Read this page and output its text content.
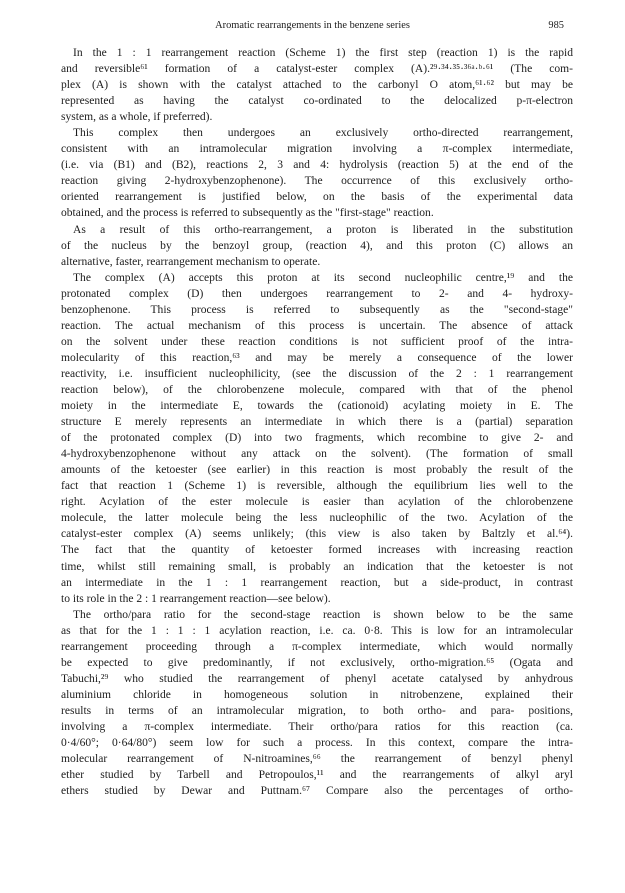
Aromatic rearrangements in the benzene series	985

In the 1 : 1 rearrangement reaction (Scheme 1) the first step (reaction 1) is the rapid
and reversible⁶¹ formation of a catalyst-ester complex (A).²⁹·³⁴·³⁵·³⁶ᵃ·ᵇ·⁶¹ (The com-
plex (A) is shown with the catalyst attached to the carbonyl O atom,⁶¹·⁶² but may be
represented as having the catalyst co-ordinated to the delocalized p-π-electron
system, as a whole, if preferred).

This complex then undergoes an exclusively ortho-directed rearrangement,
consistent with an intramolecular migration involving a π-complex intermediate,
(i.e. via (B1) and (B2), reactions 2, 3 and 4: hydrolysis (reaction 5) at the end of the
reaction giving 2-hydroxybenzophenone). The occurrence of this exclusively ortho-
oriented rearrangement is justified below, on the basis of the experimental data
obtained, and the process is referred to subsequently as the "first-stage" reaction.

As a result of this ortho-rearrangement, a proton is liberated in the substitution
of the nucleus by the benzoyl group, (reaction 4), and this proton (C) allows an
alternative, faster, rearrangement mechanism to operate.

The complex (A) accepts this proton at its second nucleophilic centre,¹⁹ and the
protonated complex (D) then undergoes rearrangement to 2- and 4- hydroxy-
benzophenone. This process is referred to subsequently as the "second-stage"
reaction. The actual mechanism of this process is uncertain. The absence of attack
on the solvent under these reaction conditions is not sufficient proof of the intra-
molecularity of this reaction,⁶³ and may be merely a consequence of the lower
reactivity, i.e. insufficient nucleophilicity, (see the discussion of the 2 : 1 rearrangement
reaction below), of the chlorobenzene molecule, compared with that of the phenol
moiety in the intermediate E, towards the (cationoid) acylating moiety in E. The
structure E merely represents an intermediate in which there is a (partial) separation
of the protonated complex (D) into two fragments, which recombine to give 2- and
4-hydroxybenzophenone without any attack on the solvent). (The formation of small
amounts of the ketoester (see earlier) in this reaction is most probably the result of the
fact that reaction 1 (Scheme 1) is reversible, although the equilibrium lies well to the
right. Acylation of the ester molecule is easier than acylation of the chlorobenzene
molecule, the latter molecule being the less nucleophilic of the two. Acylation of the
catalyst-ester complex (A) seems unlikely; (this view is also taken by Baltzly et al.⁶⁴).
The fact that the quantity of ketoester formed increases with increasing reaction
time, whilst still remaining small, is probably an indication that the ketoester is not
an intermediate in the 1 : 1 rearrangement reaction, but a side-product, in contrast
to its role in the 2 : 1 rearrangement reaction—see below).

The ortho/para ratio for the second-stage reaction is shown below to be the same
as that for the 1 : 1 : 1 acylation reaction, i.e. ca. 0·8. This is low for an intramolecular
rearrangement proceeding through a π-complex intermediate, which would normally
be expected to give predominantly, if not exclusively, ortho-migration.⁶⁵ (Ogata and
Tabuchi,²⁹ who studied the rearrangement of phenyl acetate catalysed by anhydrous
aluminium chloride in homogeneous solution in nitrobenzene, explained their
results in terms of an intramolecular migration, to both ortho- and para- positions,
involving a π-complex intermediate. Their ortho/para ratios for this reaction (ca.
0·4/60°; 0·64/80°) seem low for such a process. In this context, compare the intra-
molecular rearrangement of N-nitroamines,⁶⁶ the rearrangement of benzyl phenyl
ether studied by Tarbell and Petropoulos,¹¹ and the rearrangements of alkyl aryl
ethers studied by Dewar and Puttnam.⁶⁷ Compare also the percentages of ortho-
